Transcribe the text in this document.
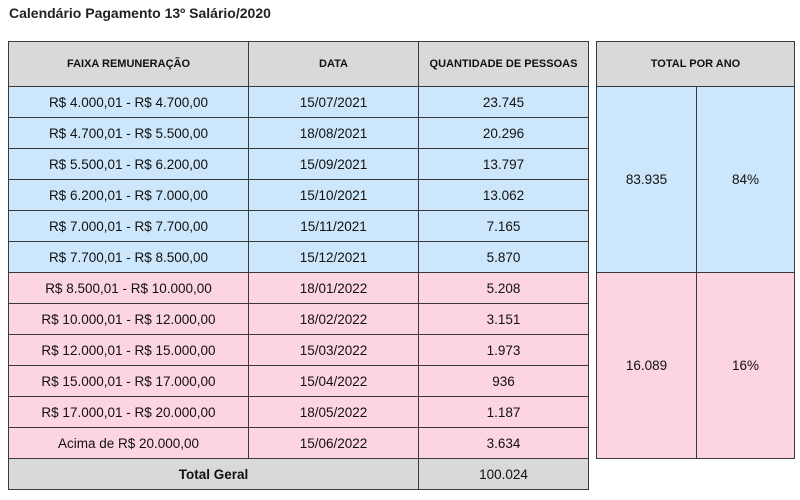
Calendário Pagamento 13º Salário/2020
FAIXA REMUNERAÇÃO	DATA	QUANTIDADE DE PESSOAS		TOTAL POR ANO	
R$ 4.000,01 - R$ 4.700,00	15/07/2021	23.745		83.935	84%
R$ 4.700,01 - R$ 5.500,00	18/08/2021	20.296			
R$ 5.500,01 - R$ 6.200,00	15/09/2021	13.797			
R$ 6.200,01 - R$ 7.000,00	15/10/2021	13.062			
R$ 7.000,01 - R$ 7.700,00	15/11/2021	7.165			
R$ 7.700,01 - R$ 8.500,00	15/12/2021	5.870			
R$ 8.500,01 - R$ 10.000,00	18/01/2022	5.208		16.089	16%
R$ 10.000,01 - R$ 12.000,00	18/02/2022	3.151			
R$ 12.000,01 - R$ 15.000,00	15/03/2022	1.973			
R$ 15.000,01 - R$ 17.000,00	15/04/2022	936			
R$ 17.000,01 - R$ 20.000,00	18/05/2022	1.187			
Acima de R$ 20.000,00	15/06/2022	3.634			
Total Geral		100.024			
